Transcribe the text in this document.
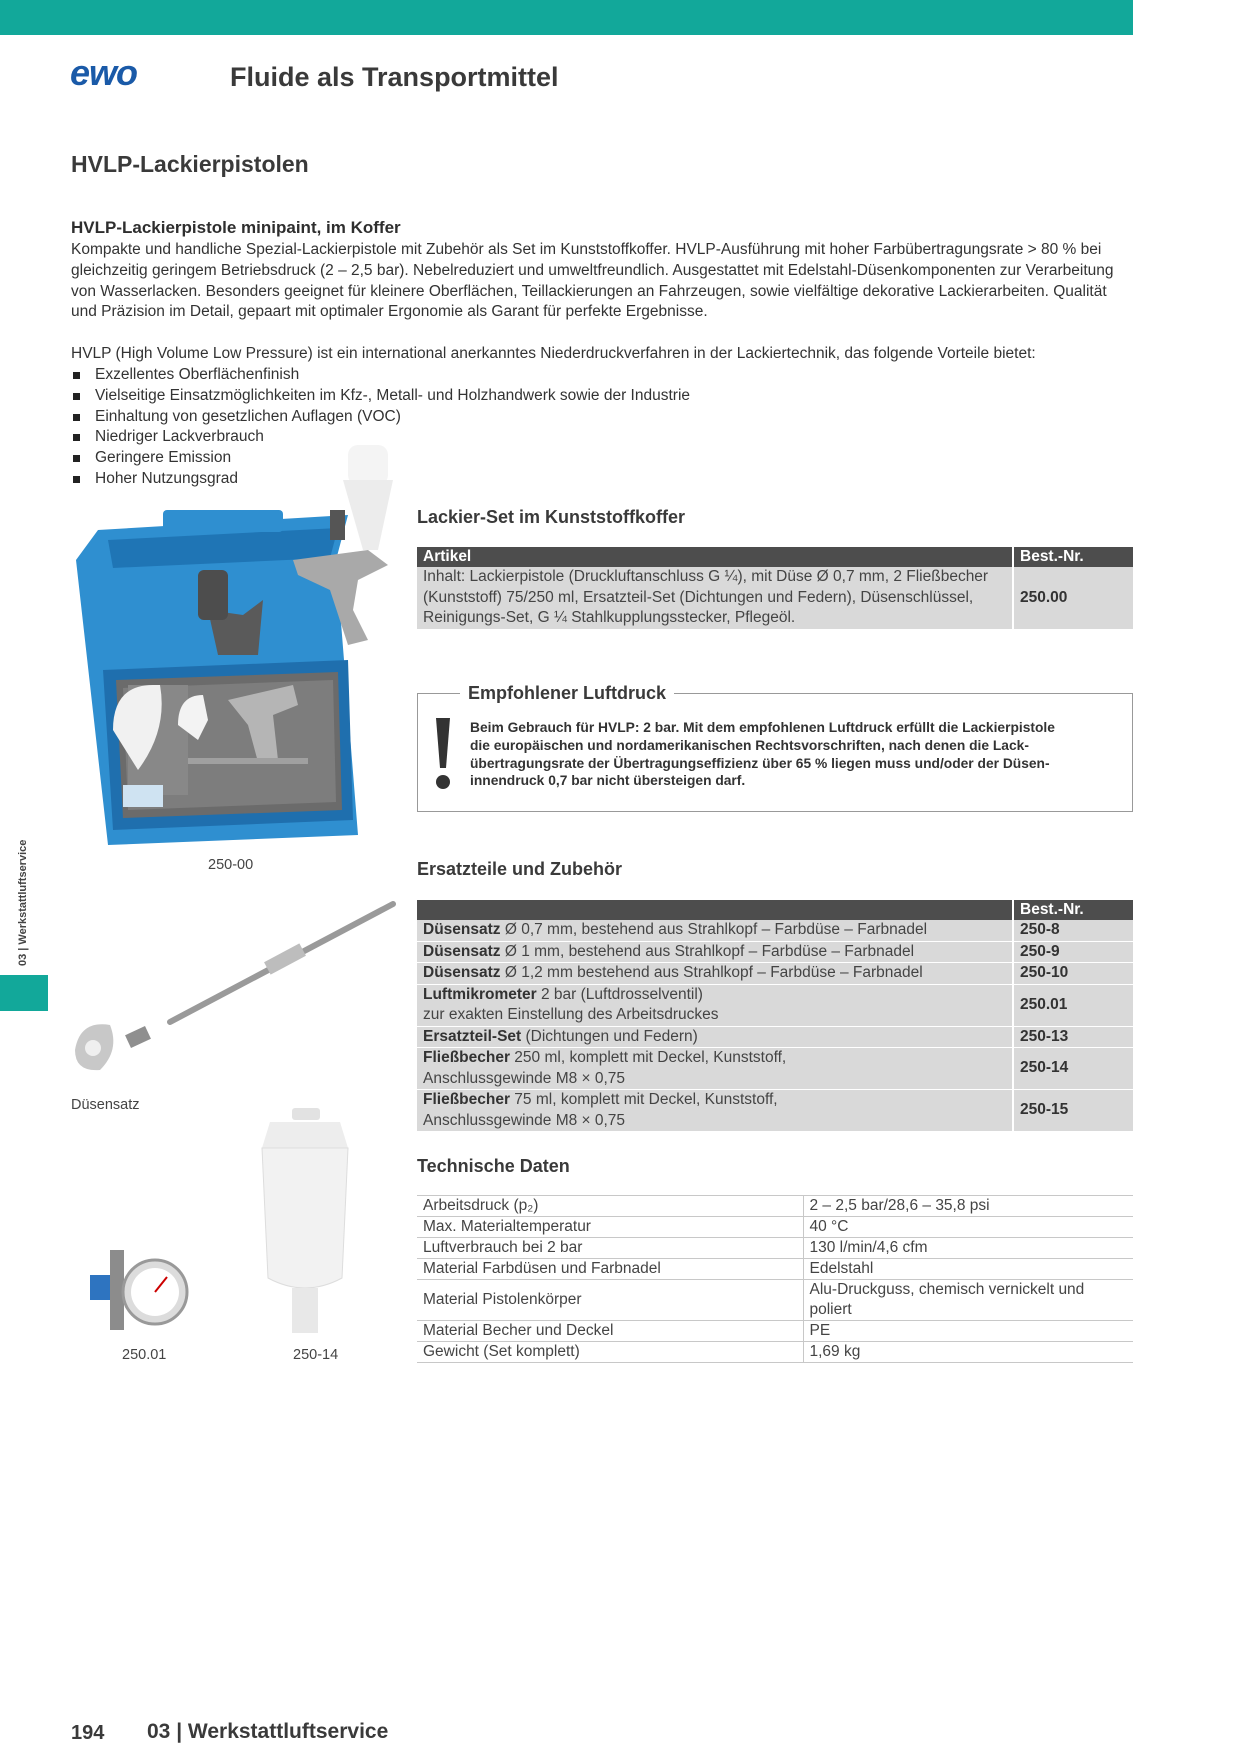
ewo	Fluide als Transportmittel
HVLP-Lackierpistolen
HVLP-Lackierpistole minipaint, im Koffer
Kompakte und handliche Spezial-Lackierpistole mit Zubehör als Set im Kunststoffkoffer. HVLP-Ausführung mit hoher Farbübertragungsrate > 80 % bei gleichzeitig geringem Betriebsdruck (2 – 2,5 bar). Nebelreduziert und umweltfreundlich. Ausgestattet mit Edelstahl-Düsenkomponenten zur Verarbeitung von Wasserlacken. Besonders geeignet für kleinere Oberflächen, Teillackierungen an Fahrzeugen, sowie vielfältige dekorative Lackierarbeiten. Qualität und Präzision im Detail, gepaart mit optimaler Ergonomie als Garant für perfekte Ergebnisse.
HVLP (High Volume Low Pressure) ist ein international anerkanntes Niederdruckverfahren in der Lackiertechnik, das folgende Vorteile bietet:
Exzellentes Oberflächenfinish
Vielseitige Einsatzmöglichkeiten im Kfz-, Metall- und Holzhandwerk sowie der Industrie
Einhaltung von gesetzlichen Auflagen (VOC)
Niedriger Lackverbrauch
Geringere Emission
Hoher Nutzungsgrad
250-00
Lackier-Set im Kunststoffkoffer
Artikel	Best.-Nr.

Inhalt: Lackierpistole (Druckluftanschluss G ¼), mit Düse Ø 0,7 mm, 2 Fließbecher
(Kunststoff) 75/250 ml, Ersatzteil-Set (Dichtungen und Federn), Düsenschlüssel,
Reinigungs-Set, G ¼ Stahlkupplungsstecker, Pflegeöl.	250.00
Empfohlener Luftdruck
Beim Gebrauch für HVLP: 2 bar. Mit dem empfohlenen Luftdruck erfüllt die Lackierpistole
die europäischen und nordamerikanischen Rechtsvorschriften, nach denen die Lack-
übertragungsrate der Übertragungseffizienz über 65 % liegen muss und/oder der Düsen-
innendruck 0,7 bar nicht übersteigen darf.
Ersatzteile und Zubehör
	Best.-Nr.

Düsensatz Ø 0,7 mm, bestehend aus Strahlkopf – Farbdüse – Farbnadel	250-8

Düsensatz Ø 1 mm, bestehend aus Strahlkopf – Farbdüse – Farbnadel	250-9

Düsensatz Ø 1,2 mm bestehend aus Strahlkopf – Farbdüse – Farbnadel	250-10

Luftmikrometer 2 bar (Luftdrosselventil)
zur exakten Einstellung des Arbeitsdruckes	250.01

Ersatzteil-Set (Dichtungen und Federn)	250-13

Fließbecher 250 ml, komplett mit Deckel, Kunststoff,
Anschlussgewinde M8 × 0,75	250-14

Fließbecher 75 ml, komplett mit Deckel, Kunststoff,
Anschlussgewinde M8 × 0,75	250-15
Technische Daten
Arbeitsdruck (p₂)	2 – 2,5 bar/28,6 – 35,8 psi
Max. Materialtemperatur	40 °C
Luftverbrauch bei 2 bar	130 l/min/4,6 cfm
Material Farbdüsen und Farbnadel	Edelstahl
Material Pistolenkörper	Alu-Druckguss, chemisch vernickelt und poliert
Material Becher und Deckel	PE
Gewicht (Set komplett)	1,69 kg
Düsensatz
250.01	250-14
03 | Werkstattluftservice
194 03 | Werkstattluftservice
